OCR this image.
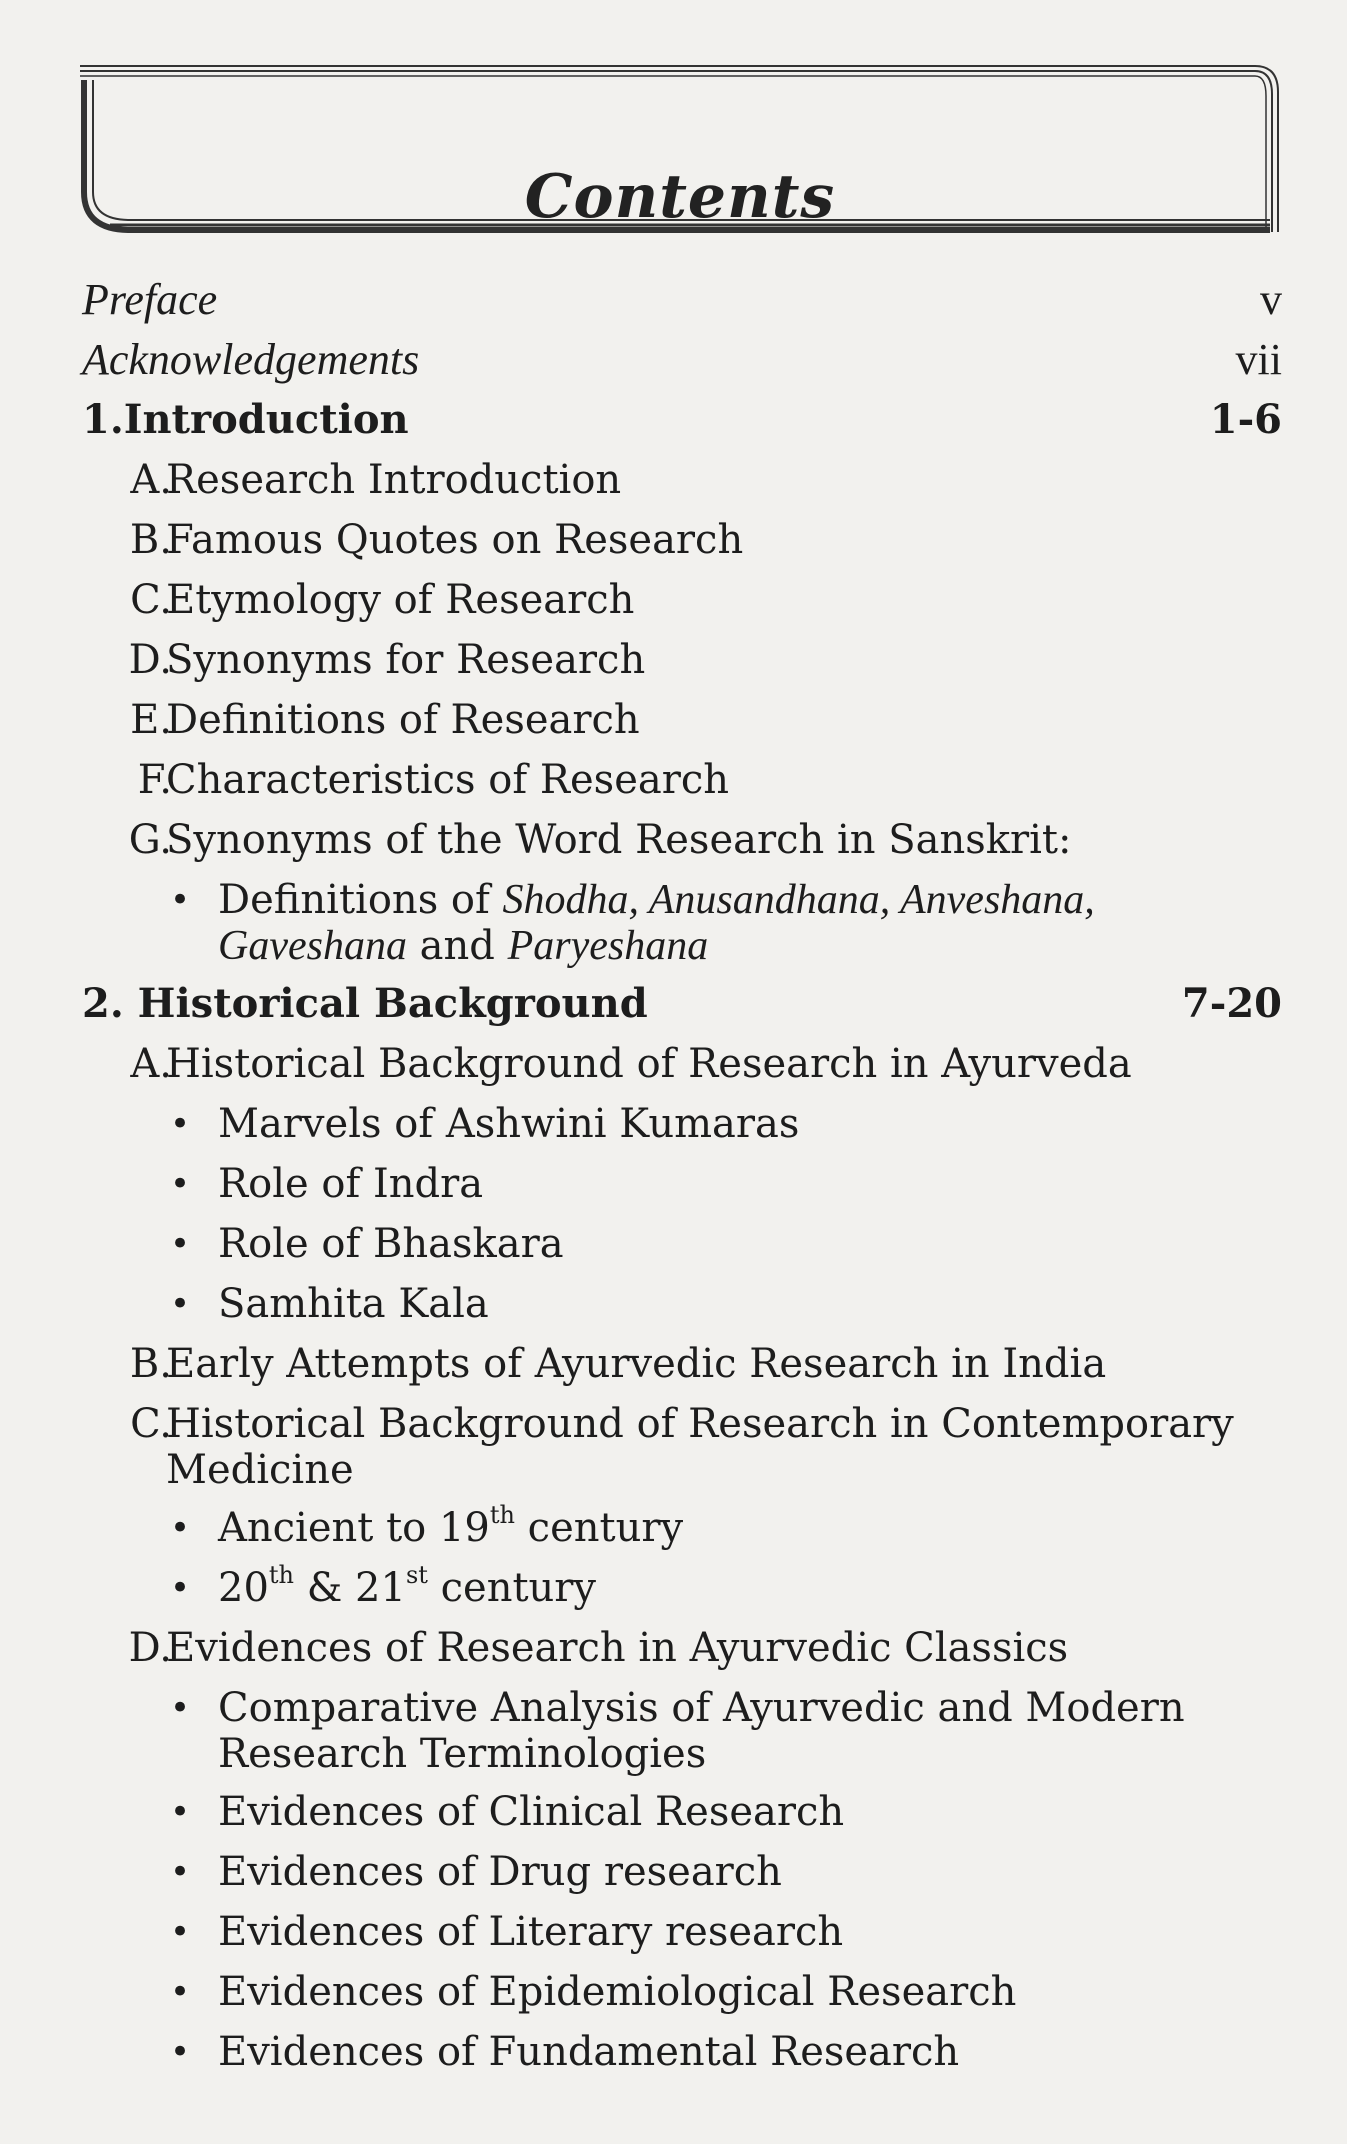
Contents
Preface	v
Acknowledgements	vii
1.Introduction	1-6
A.
Research Introduction
B.
Famous Quotes on Research
C.
Etymology of Research
D.
Synonyms for Research
E.
Definitions of Research
F.
Characteristics of Research
G.
Synonyms of the Word Research in Sanskrit:
• Definitions of Shodha, Anusandhana, Anveshana,
Gaveshana and Paryeshana
2. Historical Background	7-20
A.
Historical Background of Research in Ayurveda
• Marvels of Ashwini Kumaras
• Role of Indra
• Role of Bhaskara
• Samhita Kala
B.
Early Attempts of Ayurvedic Research in India
C.
Historical Background of Research in Contemporary
Medicine
• Ancient to 19th century
• 20th & 21st century
D.
Evidences of Research in Ayurvedic Classics
• Comparative Analysis of Ayurvedic and Modern
Research Terminologies
• Evidences of Clinical Research
• Evidences of Drug research
• Evidences of Literary research
• Evidences of Epidemiological Research
• Evidences of Fundamental Research
